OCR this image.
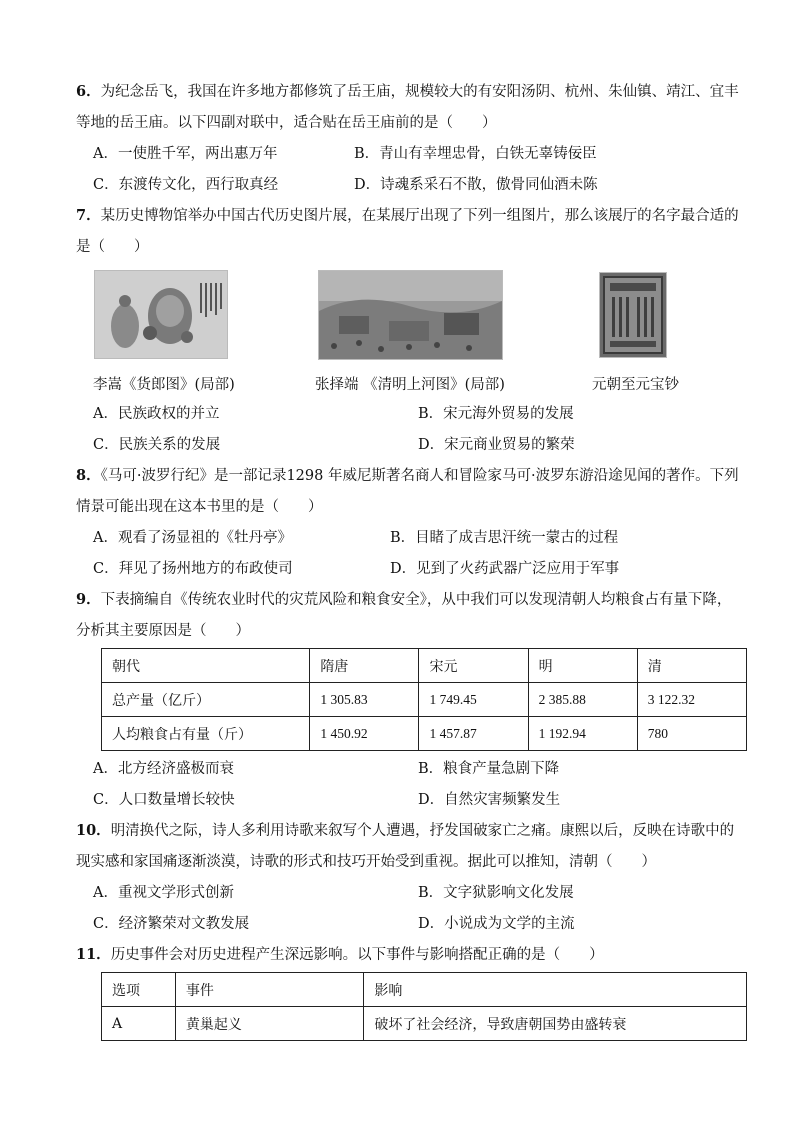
6．为纪念岳飞，我国在许多地方都修筑了岳王庙，规模较大的有安阳汤阴、杭州、朱仙镇、靖江、宜丰
等地的岳王庙。以下四副对联中，适合贴在岳王庙前的是（　　）
A．一使胜千军，两出惠万年	B．青山有幸埋忠骨，白铁无辜铸佞臣
C．东渡传文化，西行取真经	D．诗魂系采石不散，傲骨同仙酒未陈
7．某历史博物馆举办中国古代历史图片展，在某展厅出现了下列一组图片，那么该展厅的名字最合适的
是（　　）
李嵩《货郎图》(局部)	张择端 《清明上河图》(局部)	元朝至元宝钞
A．民族政权的并立	B．宋元海外贸易的发展
C．民族关系的发展	D．宋元商业贸易的繁荣
8．《马可·波罗行纪》是一部记录1298 年威尼斯著名商人和冒险家马可·波罗东游沿途见闻的著作。下列
情景可能出现在这本书里的是（　　）
A．观看了汤显祖的《牡丹亭》	B．目睹了成吉思汗统一蒙古的过程
C．拜见了扬州地方的布政使司	D．见到了火药武器广泛应用于军事
9．下表摘编自《传统农业时代的灾荒风险和粮食安全》，从中我们可以发现清朝人均粮食占有量下降，
分析其主要原因是（　　）
朝代	隋唐	宋元	明	清
总产量（亿斤）	1 305.83	1 749.45	2 385.88	3 122.32
人均粮食占有量（斤）	1 450.92	1 457.87	1 192.94	780
A．北方经济盛极而衰	B．粮食产量急剧下降
C．人口数量增长较快	D．自然灾害频繁发生
10．明清换代之际，诗人多利用诗歌来叙写个人遭遇，抒发国破家亡之痛。康熙以后，反映在诗歌中的
现实感和家国痛逐渐淡漠，诗歌的形式和技巧开始受到重视。据此可以推知，清朝（　　）
A．重视文学形式创新	B．文字狱影响文化发展
C．经济繁荣对文教发展	D．小说成为文学的主流
11．历史事件会对历史进程产生深远影响。以下事件与影响搭配正确的是（　　）
选项	事件	影响
A	黄巢起义	破坏了社会经济，导致唐朝国势由盛转衰
